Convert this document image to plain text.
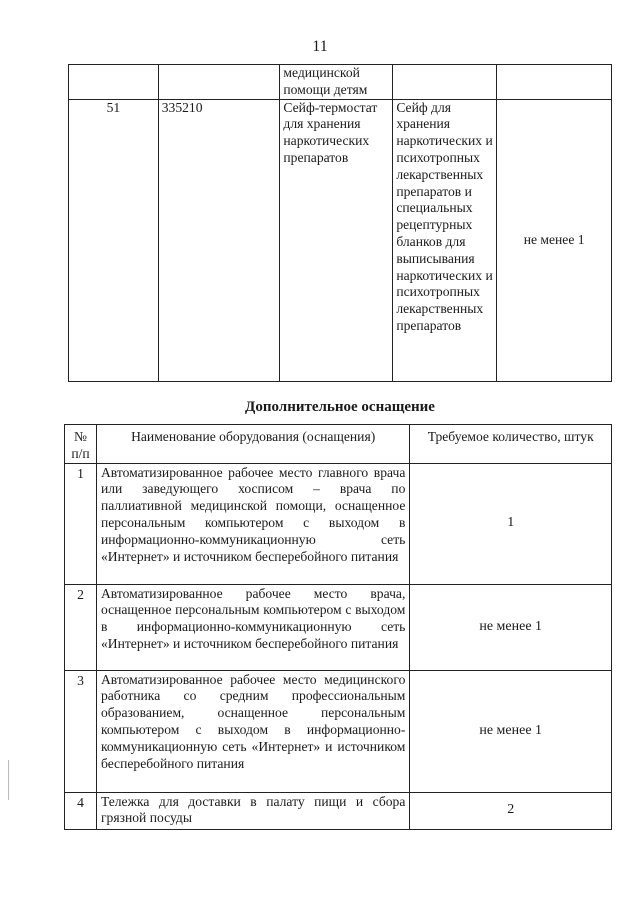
11
		медицинской помощи детям		
51	335210	Сейф-термостат для хранения наркотических препаратов	Сейф для хранения наркотических и психотропных лекарственных препаратов и специальных рецептурных бланков для выписывания наркотических и психотропных лекарственных препаратов	не менее 1
Дополнительное оснащение
№ п/п	Наименование оборудования (оснащения)	Требуемое количество, штук
1	Автоматизированное рабочее место главного врача или заведующего хосписом – врача по паллиативной медицинской помощи, оснащенное персональным компьютером с выходом в информационно-коммуникационную сеть «Интернет» и источником бесперебойного питания	1
2	Автоматизированное рабочее место врача, оснащенное персональным компьютером с выходом в информационно-коммуникационную сеть «Интернет» и источником бесперебойного питания	не менее 1
3	Автоматизированное рабочее место медицинского работника со средним профессиональным образованием, оснащенное персональным компьютером с выходом в информационно-коммуникационную сеть «Интернет» и источником бесперебойного питания	не менее 1
4	Тележка для доставки в палату пищи и сбора грязной посуды	2
